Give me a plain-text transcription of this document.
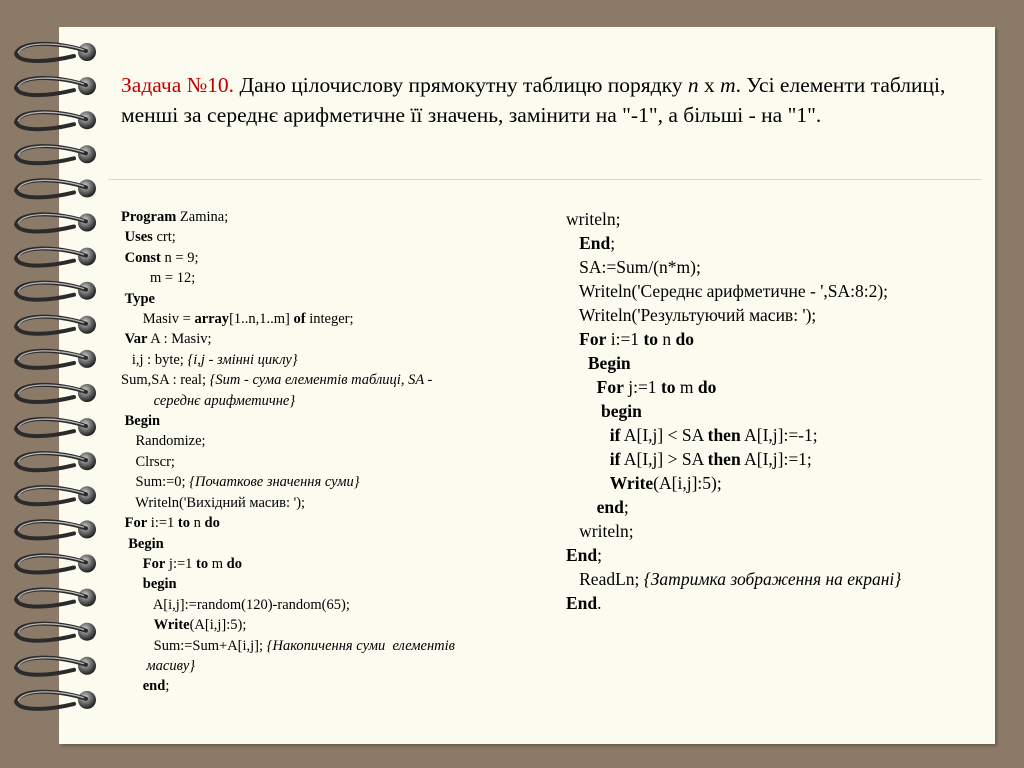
Задача №10. Дано цілочислову прямокутну таблицю порядку n x m. Усі елементи таблиці, менші за середнє арифметичне її значень, замінити на "-1", а більші - на "1".
Program Zamina;
Uses crt;
Const n = 9;
m = 12;
Type
Masiv = array[1..n,1..m] of integer;
Var A : Masiv;
i,j : byte; {i,j - змінні циклу}
Sum,SA : real; {Sum - сума елементів таблиці, SA -
середнє арифметичне}
Begin
Randomize;
Clrscr;
Sum:=0; {Початкове значення суми}
Writeln('Вихідний масив: ');
For i:=1 to n do
Begin
For j:=1 to m do
begin
A[i,j]:=random(120)-random(65);
Write(A[i,j]:5);
Sum:=Sum+A[i,j]; {Накопичення суми  елементів
масиву}
end;
writeln;
End;
SA:=Sum/(n*m);
Writeln('Середнє арифметичне - ',SA:8:2);
Writeln('Результуючий масив: ');
For i:=1 to n do
Begin
For j:=1 to m do
begin
if A[I,j] < SA then A[I,j]:=-1;
if A[I,j] > SA then A[I,j]:=1;
Write(A[i,j]:5);
end;
writeln;
End;
ReadLn; {Затримка зображення на екрані}
End.
